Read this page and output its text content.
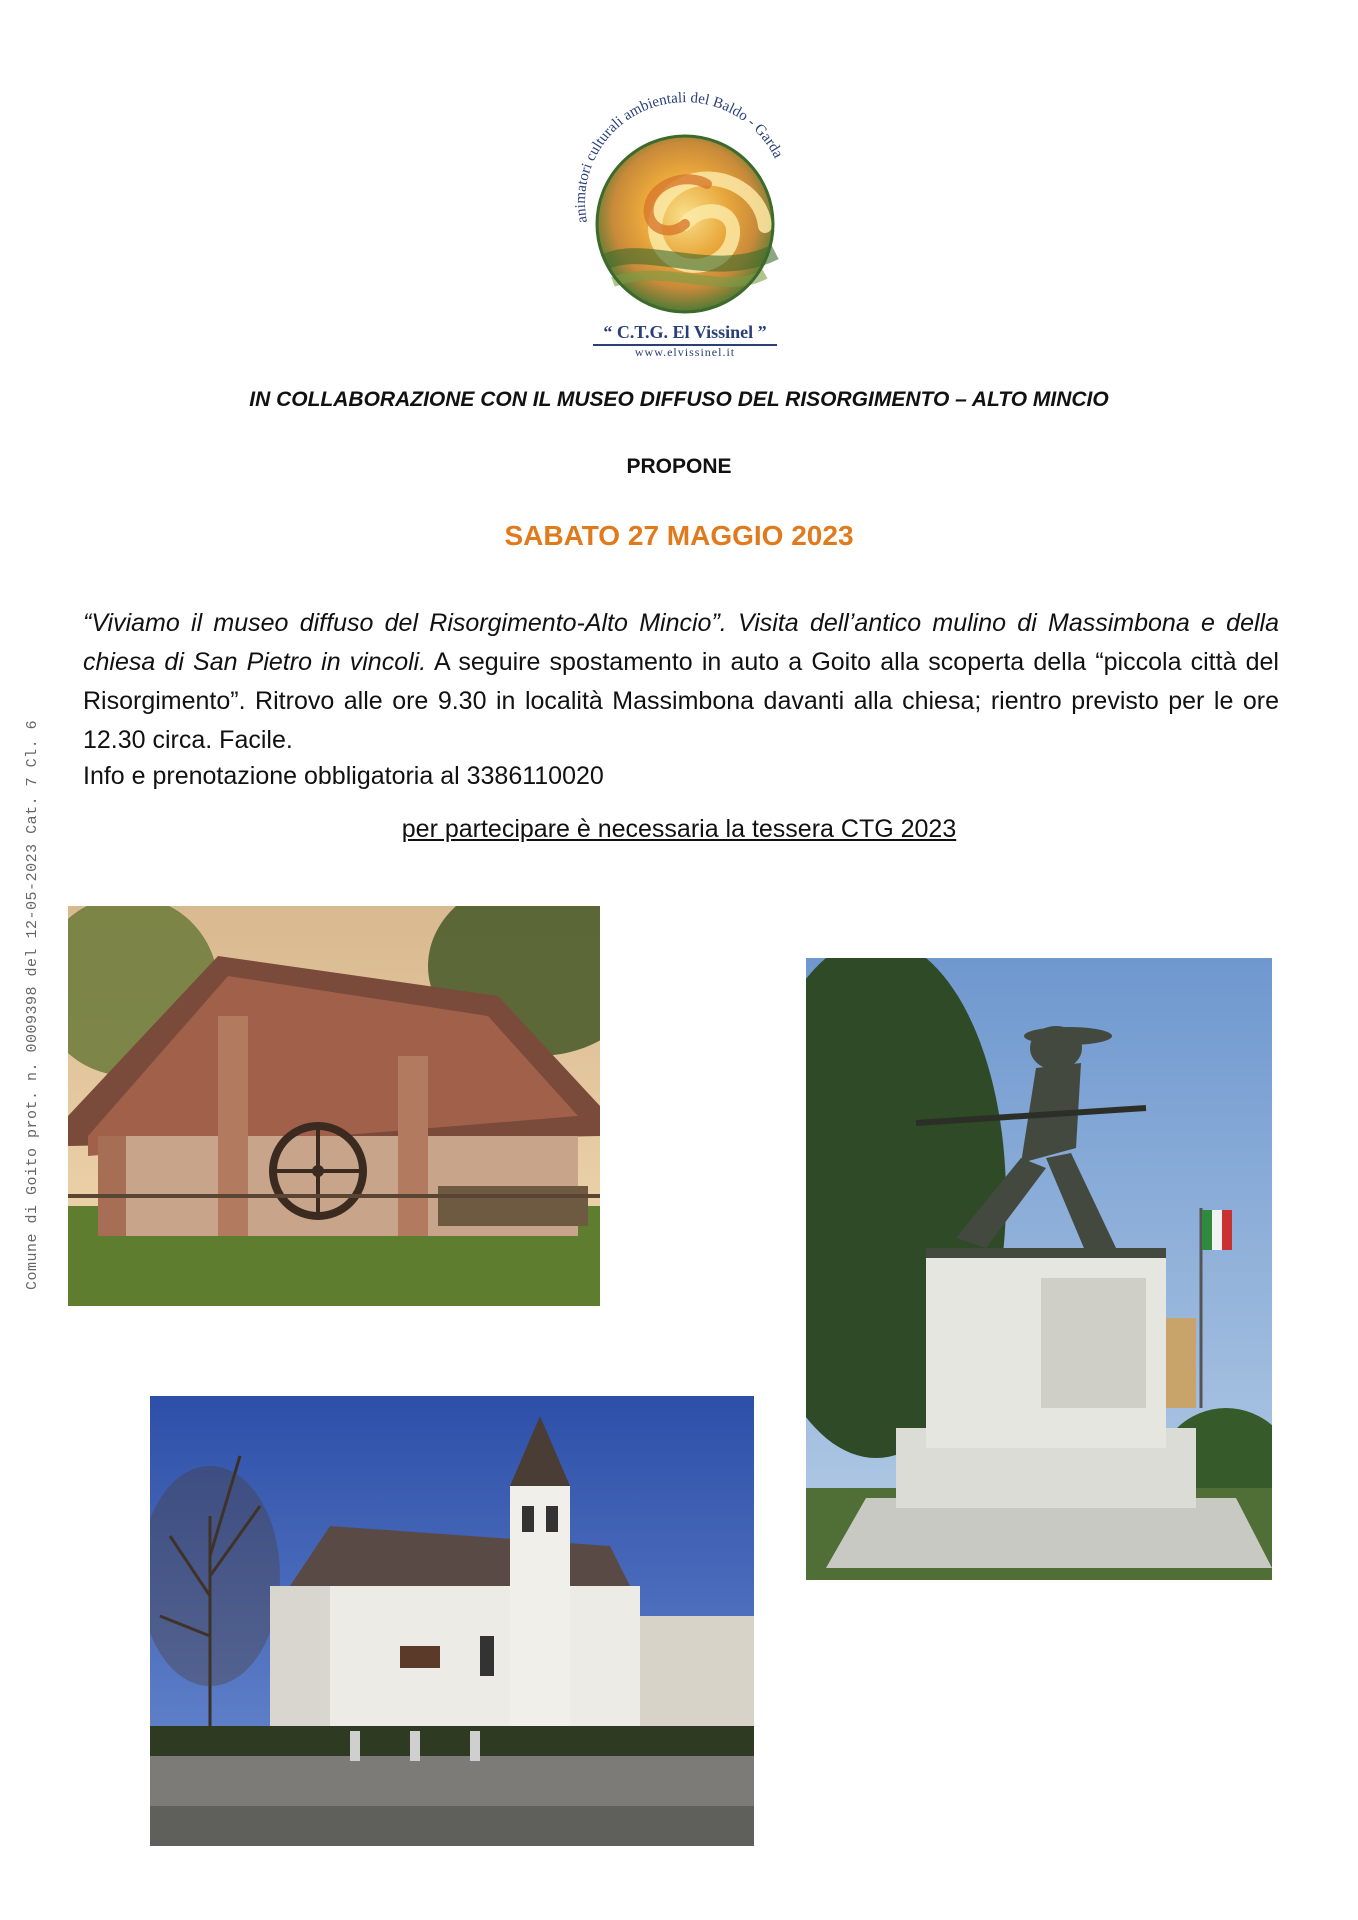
Comune di Goito prot. n. 0009398 del 12-05-2023 Cat. 7 Cl. 6
animatori culturali ambientali del Baldo - Garda
“ C.T.G. El Vissinel ”
www.elvissinel.it
IN COLLABORAZIONE CON IL MUSEO DIFFUSO DEL RISORGIMENTO – ALTO MINCIO
PROPONE
SABATO 27 MAGGIO 2023
“Viviamo il museo diffuso del Risorgimento-Alto Mincio”. Visita dell’antico mulino di Massimbona e della chiesa di San Pietro in vincoli. A seguire spostamento in auto a Goito alla scoperta della “piccola città del Risorgimento”. Ritrovo alle ore 9.30 in località Massimbona davanti alla chiesa; rientro previsto per le ore 12.30 circa. Facile.
Info e prenotazione obbligatoria al 3386110020
per partecipare è necessaria la tessera CTG 2023
